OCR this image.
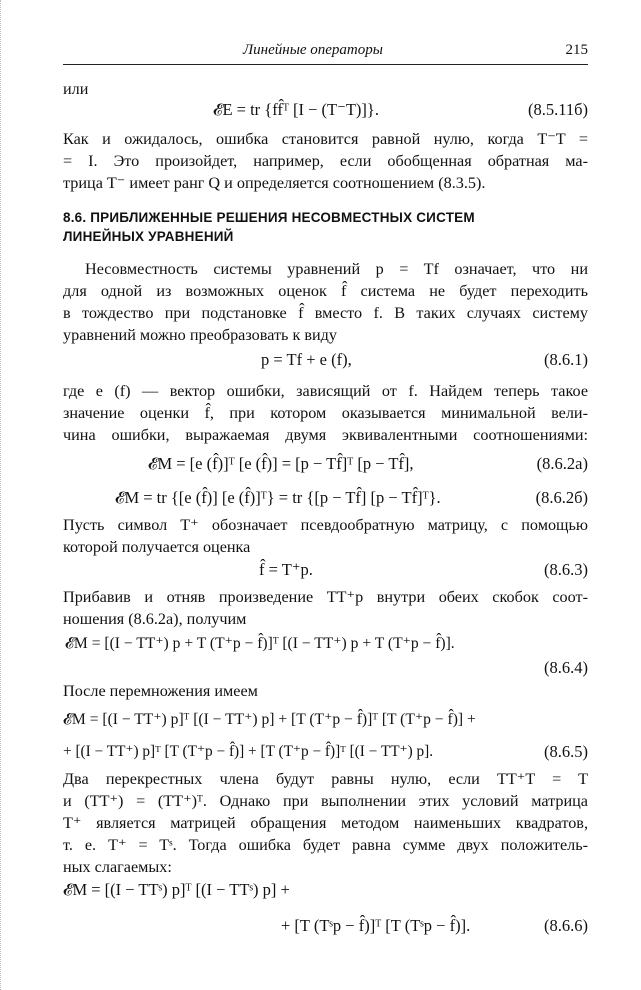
Линейные операторы	215
или
𝓔E = tr {ff̂ᵀ [I − (T⁻T)]}.	(8.5.11б)
Как и ожидалось, ошибка становится равной нулю, когда T⁻T =
= I. Это произойдет, например, если обобщенная обратная ма-
трица T⁻ имеет ранг Q и определяется соотношением (8.3.5).
8.6. ПРИБЛИЖЕННЫЕ РЕШЕНИЯ НЕСОВМЕСТНЫХ СИСТЕМ
ЛИНЕЙНЫХ УРАВНЕНИЙ
Несовместность системы уравнений p = Tf означает, что ни
для одной из возможных оценок f̂ система не будет переходить
в тождество при подстановке f̂ вместо f. В таких случаях систему
уравнений можно преобразовать к виду
p = Tf + e (f),	(8.6.1)
где e (f) — вектор ошибки, зависящий от f. Найдем теперь такое
значение оценки f̂, при котором оказывается минимальной вели-
чина ошибки, выражаемая двумя эквивалентными соотношениями:
𝓔M = [e (f̂)]ᵀ [e (f̂)] = [p − Tf̂]ᵀ [p − Tf̂],	(8.6.2а)
𝓔M = tr {[e (f̂)] [e (f̂)]ᵀ} = tr {[p − Tf̂] [p − Tf̂]ᵀ}.	(8.6.2б)
Пусть символ T⁺ обозначает псевдообратную матрицу, с помощью
которой получается оценка
f̂ = T⁺p.	(8.6.3)
Прибавив и отняв произведение TT⁺p внутри обеих скобок соот-
ношения (8.6.2а), получим
𝓔M = [(I − TT⁺) p + T (T⁺p − f̂)]ᵀ [(I − TT⁺) p + T (T⁺p − f̂)].
(8.6.4)
После перемножения имеем
𝓔M = [(I − TT⁺) p]ᵀ [(I − TT⁺) p] + [T (T⁺p − f̂)]ᵀ [T (T⁺p − f̂)] +
+ [(I − TT⁺) p]ᵀ [T (T⁺p − f̂)] + [T (T⁺p − f̂)]ᵀ [(I − TT⁺) p].	(8.6.5)
Два перекрестных члена будут равны нулю, если TT⁺T = T
и (TT⁺) = (TT⁺)ᵀ. Однако при выполнении этих условий матрица
T⁺ является матрицей обращения методом наименьших квадратов,
т. е. T⁺ = Tˢ. Тогда ошибка будет равна сумме двух положитель-
ных слагаемых:
𝓔M = [(I − TTˢ) p]ᵀ [(I − TTˢ) p] +
+ [T (Tˢp − f̂)]ᵀ [T (Tˢp − f̂)].	(8.6.6)
